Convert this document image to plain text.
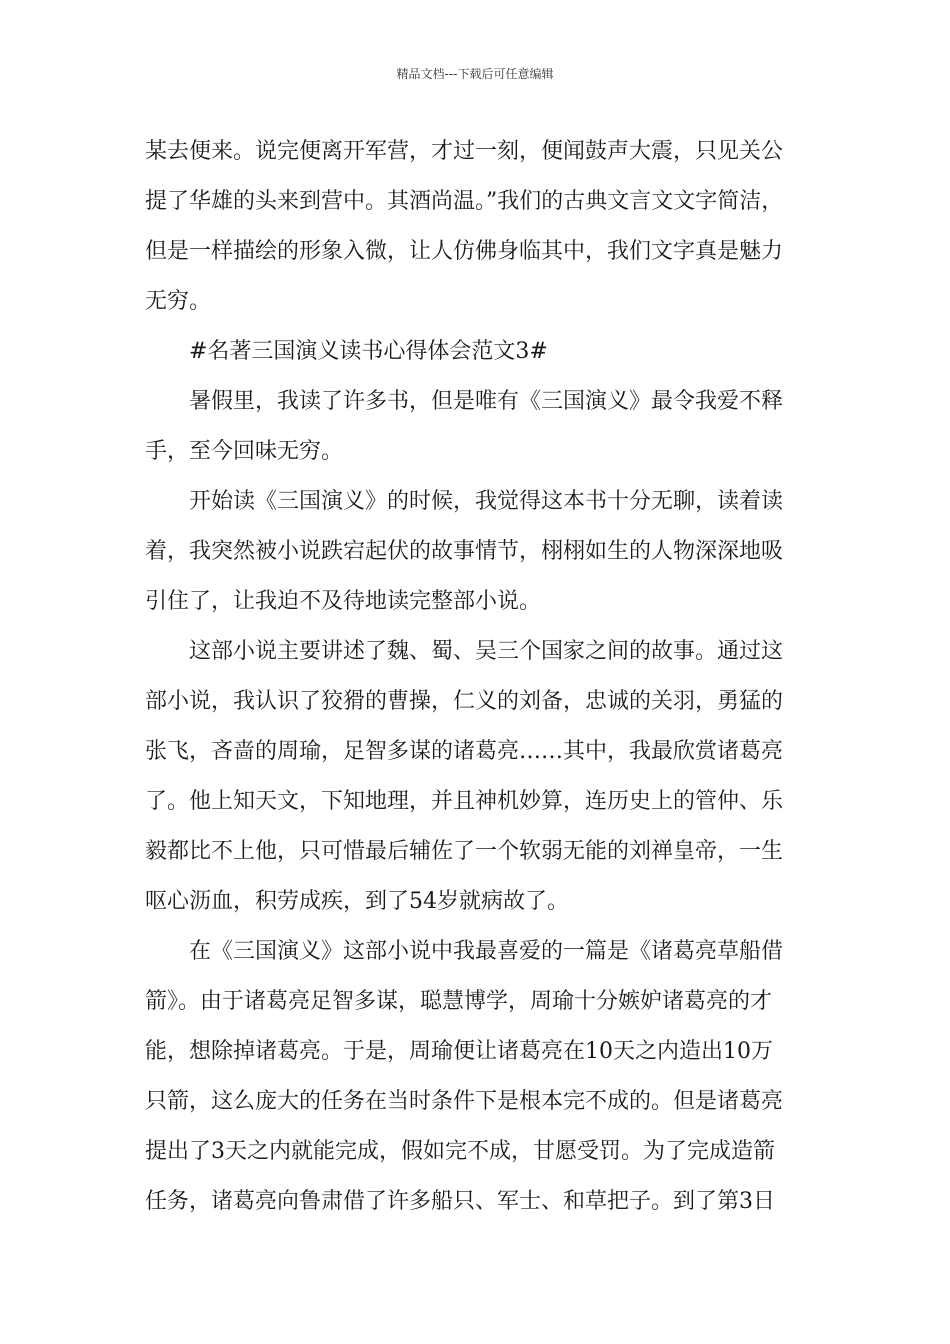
精品文档---下载后可任意编辑
某去便来。说完便离开军营，才过一刻，便闻鼓声大震，只见关公
提了华雄的头来到营中。其酒尚温。”我们的古典文言文文字简洁，
但是一样描绘的形象入微，让人仿佛身临其中，我们文字真是魅力
无穷。
#名著三国演义读书心得体会范文3#
暑假里，我读了许多书，但是唯有《三国演义》最令我爱不释
手，至今回味无穷。
开始读《三国演义》的时候，我觉得这本书十分无聊，读着读
着，我突然被小说跌宕起伏的故事情节，栩栩如生的人物深深地吸
引住了，让我迫不及待地读完整部小说。
这部小说主要讲述了魏、蜀、吴三个国家之间的故事。通过这
部小说，我认识了狡猾的曹操，仁义的刘备，忠诚的关羽，勇猛的
张飞，吝啬的周瑜，足智多谋的诸葛亮……其中，我最欣赏诸葛亮
了。他上知天文，下知地理，并且神机妙算，连历史上的管仲、乐
毅都比不上他，只可惜最后辅佐了一个软弱无能的刘禅皇帝，一生
呕心沥血，积劳成疾，到了54岁就病故了。
在《三国演义》这部小说中我最喜爱的一篇是《诸葛亮草船借
箭》。由于诸葛亮足智多谋，聪慧博学，周瑜十分嫉妒诸葛亮的才
能，想除掉诸葛亮。于是，周瑜便让诸葛亮在10天之内造出10万
只箭，这么庞大的任务在当时条件下是根本完不成的。但是诸葛亮
提出了3天之内就能完成，假如完不成，甘愿受罚。为了完成造箭
任务，诸葛亮向鲁肃借了许多船只、军士、和草把子。到了第3日
